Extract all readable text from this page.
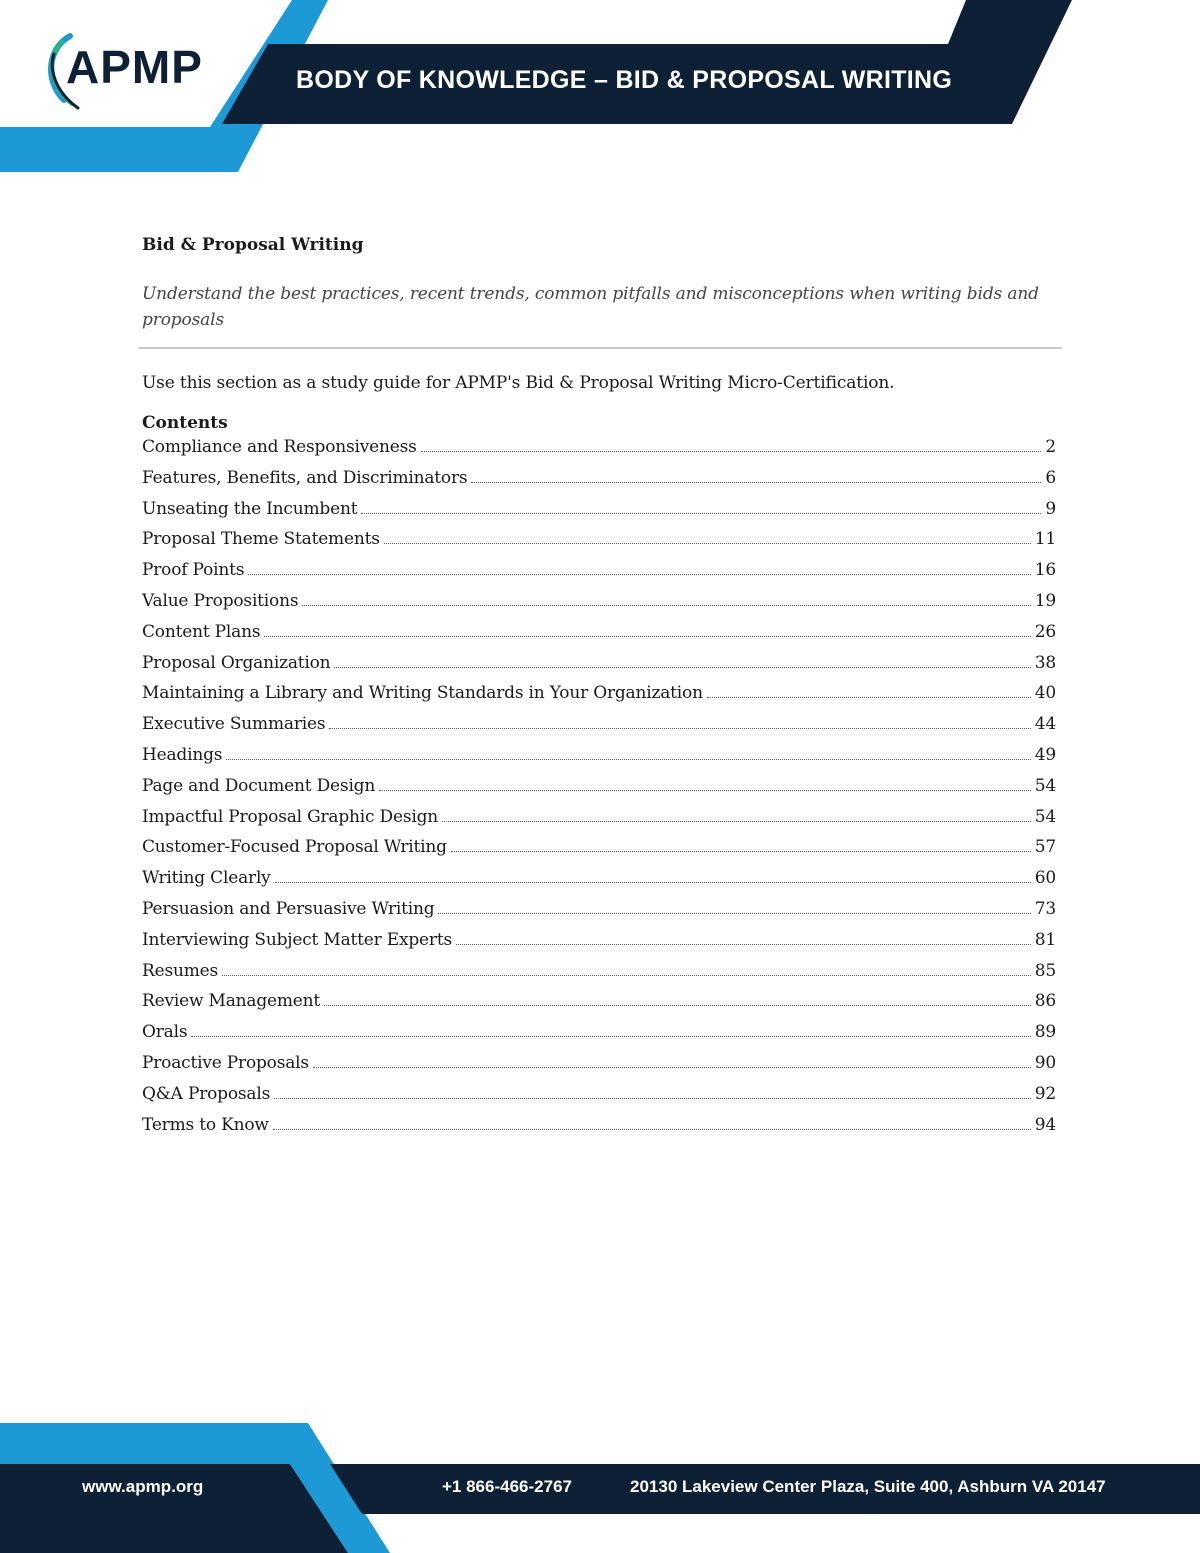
APMP	BODY OF KNOWLEDGE – BID & PROPOSAL WRITING
Bid & Proposal Writing
Understand the best practices, recent trends, common pitfalls and misconceptions when writing bids and proposals
Use this section as a study guide for APMP's Bid & Proposal Writing Micro-Certification.
Contents
Compliance and Responsiveness	2
Features, Benefits, and Discriminators	6
Unseating the Incumbent	9
Proposal Theme Statements	11
Proof Points	16
Value Propositions	19
Content Plans	26
Proposal Organization	38
Maintaining a Library and Writing Standards in Your Organization	40
Executive Summaries	44
Headings	49
Page and Document Design	54
Impactful Proposal Graphic Design	54
Customer-Focused Proposal Writing	57
Writing Clearly	60
Persuasion and Persuasive Writing	73
Interviewing Subject Matter Experts	81
Resumes	85
Review Management	86
Orals	89
Proactive Proposals	90
Q&A Proposals	92
Terms to Know	94
www.apmp.org	+1 866-466-2767	20130 Lakeview Center Plaza, Suite 400, Ashburn VA 20147
